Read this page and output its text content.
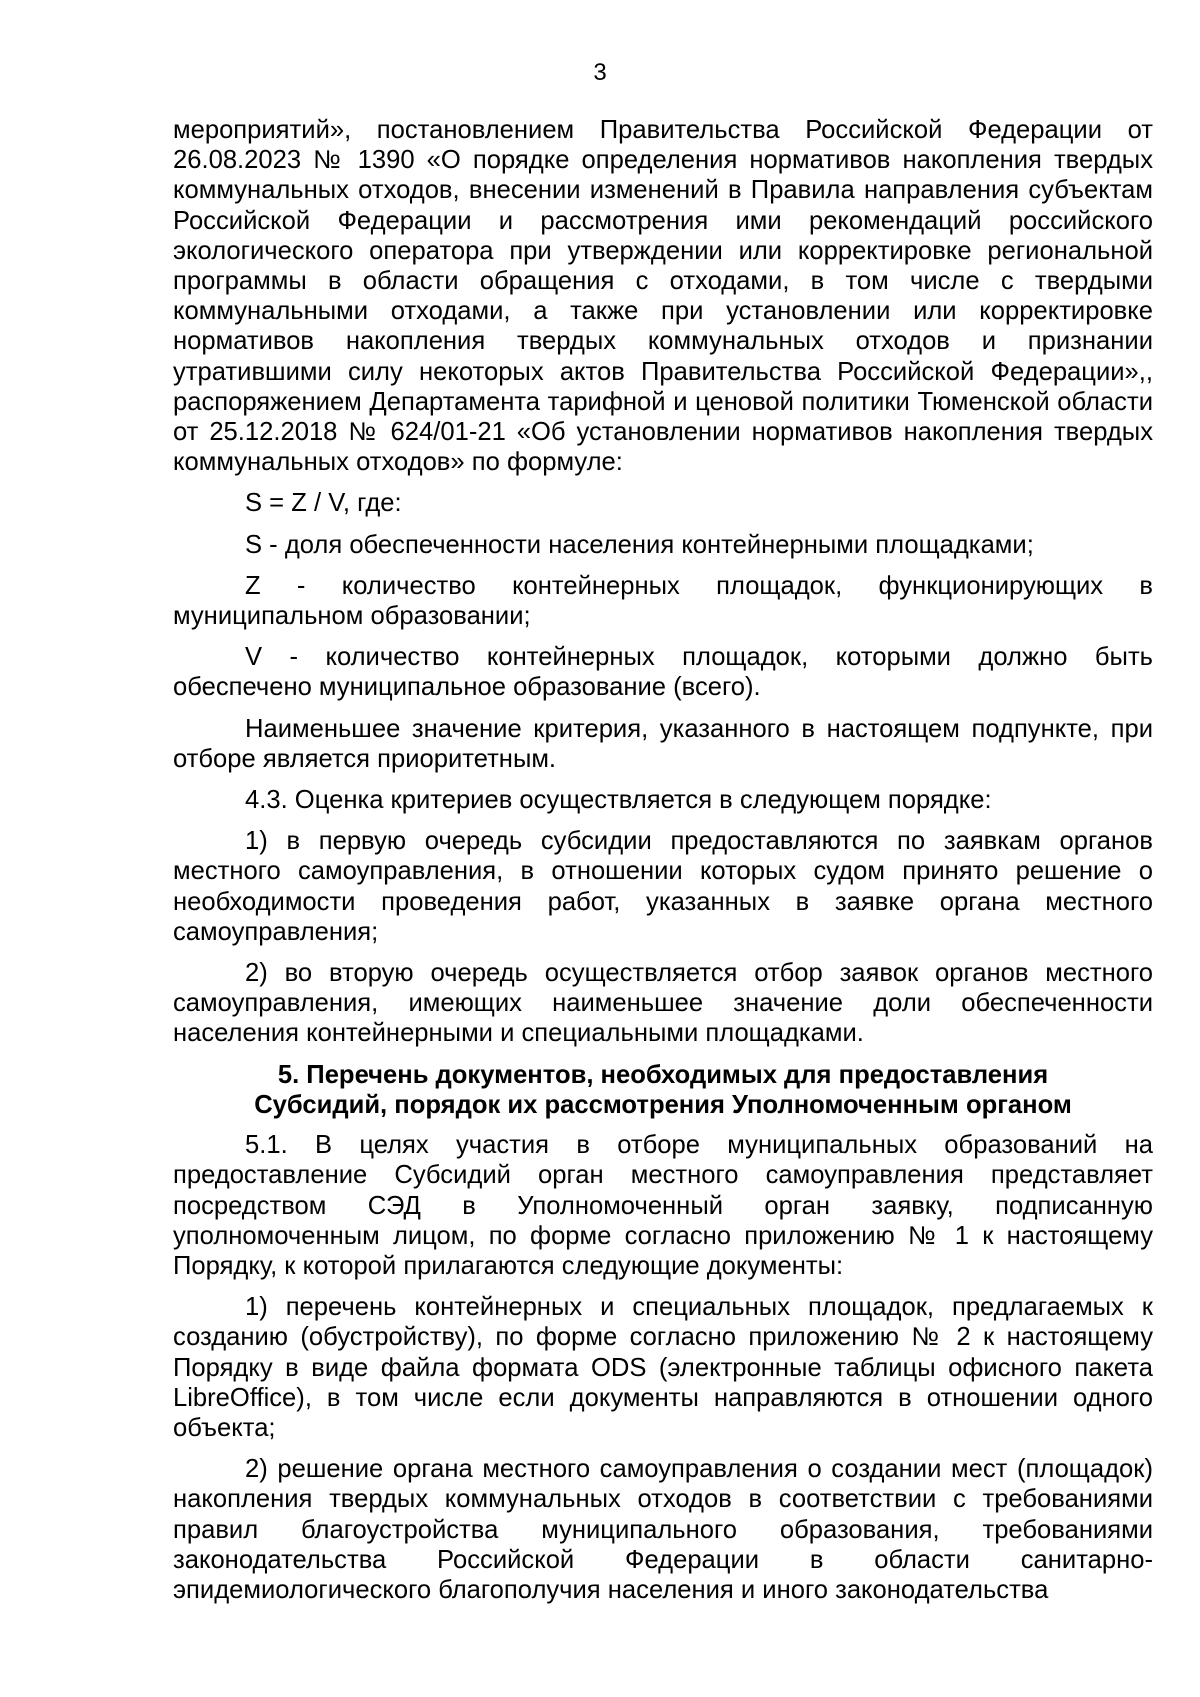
3

мероприятий», постановлением Правительства Российской Федерации от 26.08.2023 № 1390 «О порядке определения нормативов накопления твердых коммунальных отходов, внесении изменений в Правила направления субъектам Российской Федерации и рассмотрения ими рекомендаций российского экологического оператора при утверждении или корректировке региональной программы в области обращения с отходами, в том числе с твердыми коммунальными отходами, а также при установлении или корректировке нормативов накопления твердых коммунальных отходов и признании утратившими силу некоторых актов Правительства Российской Федерации»,, распоряжением Департамента тарифной и ценовой политики Тюменской области от 25.12.2018 № 624/01-21 «Об установлении нормативов накопления твердых коммунальных отходов» по формуле:

S = Z / V, где:

S - доля обеспеченности населения контейнерными площадками;

Z - количество контейнерных площадок, функционирующих в муниципальном образовании;

V - количество контейнерных площадок, которыми должно быть обеспечено муниципальное образование (всего).

Наименьшее значение критерия, указанного в настоящем подпункте, при отборе является приоритетным.

4.3. Оценка критериев осуществляется в следующем порядке:

1) в первую очередь субсидии предоставляются по заявкам органов местного самоуправления, в отношении которых судом принято решение о необходимости проведения работ, указанных в заявке органа местного самоуправления;

2) во вторую очередь осуществляется отбор заявок органов местного самоуправления, имеющих наименьшее значение доли обеспеченности населения контейнерными и специальными площадками.

5. Перечень документов, необходимых для предоставления
Субсидий, порядок их рассмотрения Уполномоченным органом

5.1. В целях участия в отборе муниципальных образований на предоставление Субсидий орган местного самоуправления представляет посредством СЭД в Уполномоченный орган заявку, подписанную уполномоченным лицом, по форме согласно приложению № 1 к настоящему Порядку, к которой прилагаются следующие документы:

1) перечень контейнерных и специальных площадок, предлагаемых к созданию (обустройству), по форме согласно приложению № 2 к настоящему Порядку в виде файла формата ODS (электронные таблицы офисного пакета LibreOffice), в том числе если документы направляются в отношении одного объекта;

2) решение органа местного самоуправления о создании мест (площадок) накопления твердых коммунальных отходов в соответствии с требованиями правил благоустройства муниципального образования, требованиями законодательства Российской Федерации в области санитарно-эпидемиологического благополучия населения и иного законодательства
